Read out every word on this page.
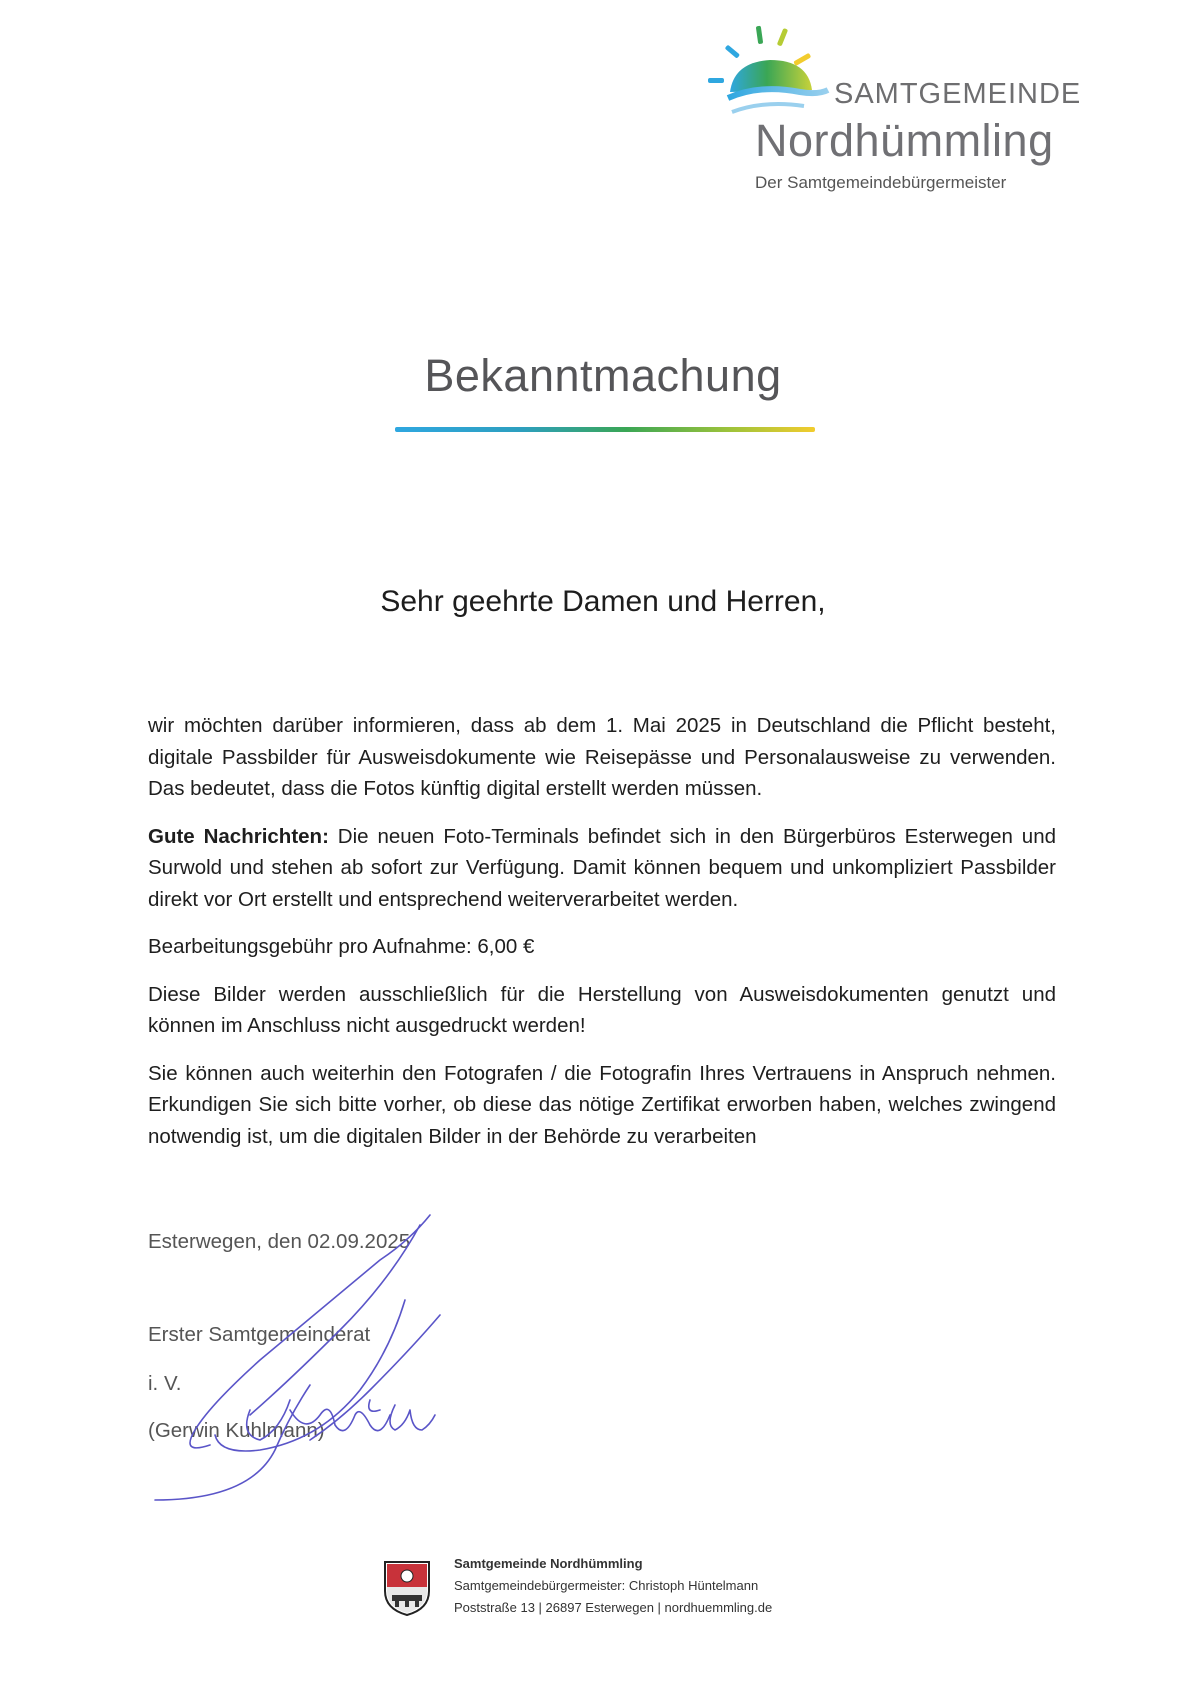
SAMTGEMEINDE
Nordhümmling
Der Samtgemeindebürgermeister
Bekanntmachung
Sehr geehrte Damen und Herren,

wir möchten darüber informieren, dass ab dem 1. Mai 2025 in Deutschland die Pflicht besteht, digitale Passbilder für Ausweisdokumente wie Reisepässe und Personalausweise zu verwenden. Das bedeutet, dass die Fotos künftig digital erstellt werden müssen.

Gute Nachrichten: Die neuen Foto-Terminals befindet sich in den Bürgerbüros Esterwegen und Surwold und stehen ab sofort zur Verfügung. Damit können bequem und unkompliziert Passbilder direkt vor Ort erstellt und entsprechend weiterverarbeitet werden.

Bearbeitungsgebühr pro Aufnahme: 6,00 €

Diese Bilder werden ausschließlich für die Herstellung von Ausweisdokumenten genutzt und können im Anschluss nicht ausgedruckt werden!

Sie können auch weiterhin den Fotografen / die Fotografin Ihres Vertrauens in Anspruch nehmen. Erkundigen Sie sich bitte vorher, ob diese das nötige Zertifikat erworben haben, welches zwingend notwendig ist, um die digitalen Bilder in der Behörde zu verarbeiten

Esterwegen, den 02.09.2025
Erster Samtgemeinderat
i. V.
(Gerwin Kuhlmann)
Samtgemeinde Nordhümmling
Samtgemeindebürgermeister: Christoph Hüntelmann
Poststraße 13 | 26897 Esterwegen | nordhuemmling.de
